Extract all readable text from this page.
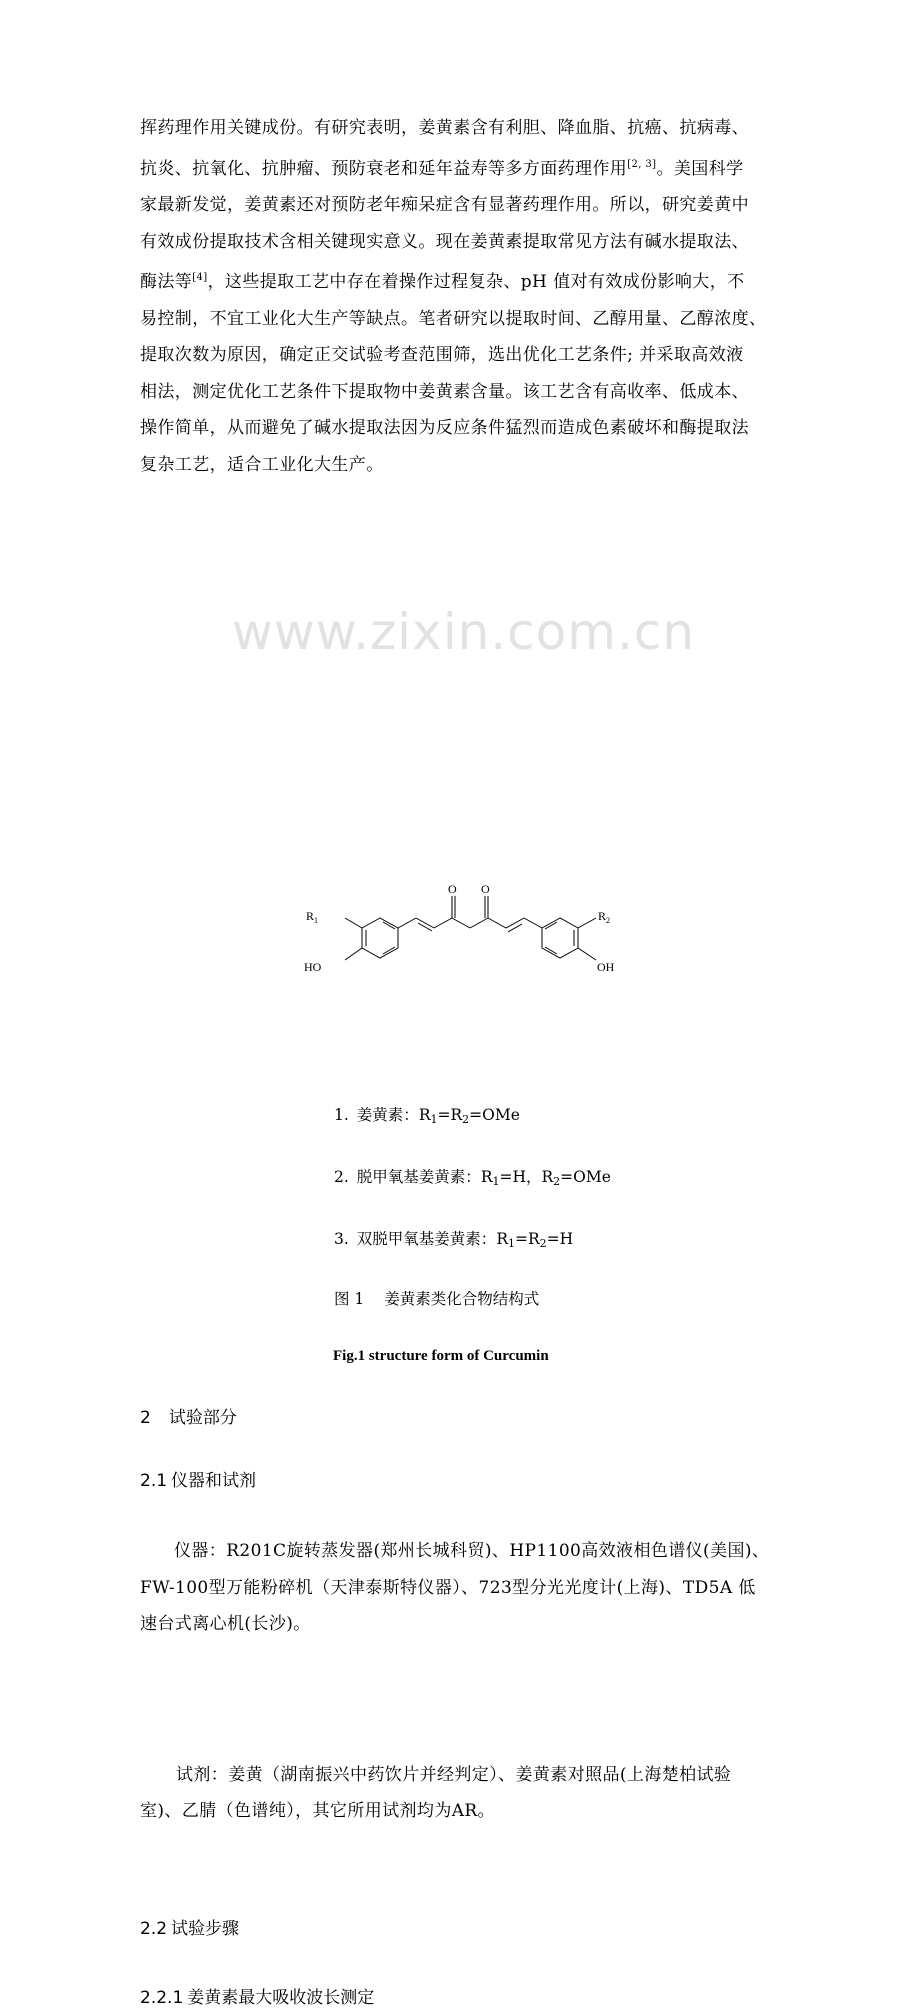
www.zixin.com.cn
挥药理作用关键成份。有研究表明，姜黄素含有利胆、降血脂、抗癌、抗病毒、
抗炎、抗氧化、抗肿瘤、预防衰老和延年益寿等多方面药理作用[2, 3]。美国科学
家最新发觉，姜黄素还对预防老年痴呆症含有显著药理作用。所以，研究姜黄中
有效成份提取技术含相关键现实意义。现在姜黄素提取常见方法有碱水提取法、
酶法等[4]，这些提取工艺中存在着操作过程复杂、pH 值对有效成份影响大，不
易控制，不宜工业化大生产等缺点。笔者研究以提取时间、乙醇用量、乙醇浓度、
提取次数为原因，确定正交试验考查范围筛，选出优化工艺条件; 并采取高效液
相法，测定优化工艺条件下提取物中姜黄素含量。该工艺含有高收率、低成本、
操作简单，从而避免了碱水提取法因为反应条件猛烈而造成色素破坏和酶提取法
复杂工艺，适合工业化大生产。
$R_1$	$R_2$
HO	OH
O O
1. 姜黄素：$R_1=R_2=OMe$
2. 脱甲氧基姜黄素：$R_1=H$，$R_2=OMe$
3. 双脱甲氧基姜黄素：$R_1=R_2=H$
图 1 姜黄素类化合物结构式
Fig.1 structure form of Curcumin
2 试验部分
2.1 仪器和试剂
仪器：R201C旋转蒸发器(郑州长城科贸)、HP1100高效液相色谱仪(美国)、
FW-100型万能粉碎机（天津泰斯特仪器）、723型分光光度计(上海)、TD5A 低
速台式离心机(长沙)。
试剂：姜黄（湖南振兴中药饮片并经判定）、姜黄素对照品(上海楚柏试验
室)、乙腈（色谱纯），其它所用试剂均为AR。
2.2 试验步骤
2.2.1 姜黄素最大吸收波长测定
